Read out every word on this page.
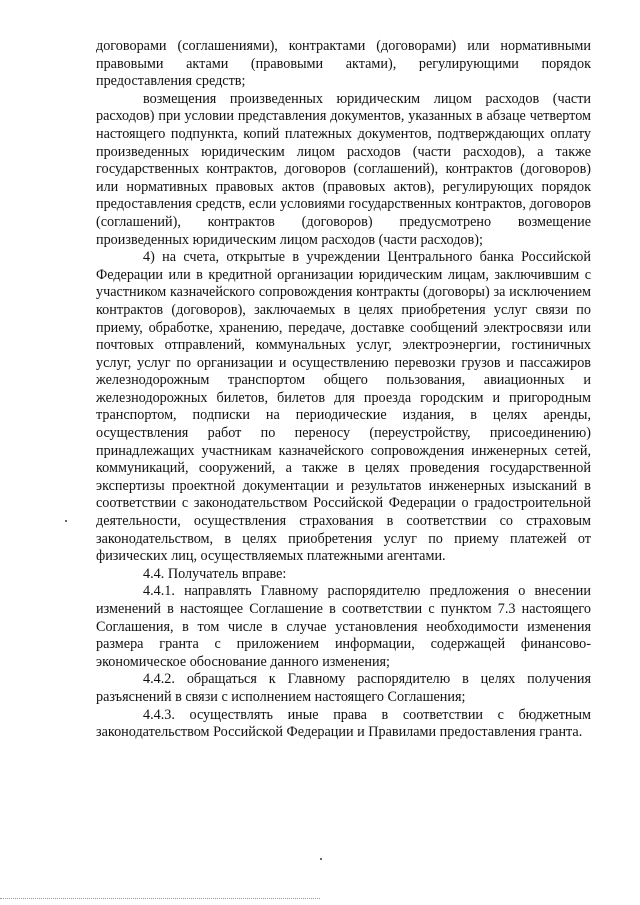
договорами (соглашениями), контрактами (договорами) или нормативными правовыми актами (правовыми актами), регулирующими порядок предоставления средств;

возмещения произведенных юридическим лицом расходов (части расходов) при условии представления документов, указанных в абзаце четвертом настоящего подпункта, копий платежных документов, подтверждающих оплату произведенных юридическим лицом расходов (части расходов), а также государственных контрактов, договоров (соглашений), контрактов (договоров) или нормативных правовых актов (правовых актов), регулирующих порядок предоставления средств, если условиями государственных контрактов, договоров (соглашений), контрактов (договоров) предусмотрено возмещение произведенных юридическим лицом расходов (части расходов);

4) на счета, открытые в учреждении Центрального банка Российской Федерации или в кредитной организации юридическим лицам, заключившим с участником казначейского сопровождения контракты (договоры) за исключением контрактов (договоров), заключаемых в целях приобретения услуг связи по приему, обработке, хранению, передаче, доставке сообщений электросвязи или почтовых отправлений, коммунальных услуг, электроэнергии, гостиничных услуг, услуг по организации и осуществлению перевозки грузов и пассажиров железнодорожным транспортом общего пользования, авиационных и железнодорожных билетов, билетов для проезда городским и пригородным транспортом, подписки на периодические издания, в целях аренды, осуществления работ по переносу (переустройству, присоединению) принадлежащих участникам казначейского сопровождения инженерных сетей, коммуникаций, сооружений, а также в целях проведения государственной экспертизы проектной документации и результатов инженерных изысканий в соответствии с законодательством Российской Федерации о градостроительной деятельности, осуществления страхования в соответствии со страховым законодательством, в целях приобретения услуг по приему платежей от физических лиц, осуществляемых платежными агентами.

4.4. Получатель вправе:

4.4.1. направлять Главному распорядителю предложения о внесении изменений в настоящее Соглашение в соответствии с пунктом 7.3 настоящего Соглашения, в том числе в случае установления необходимости изменения размера гранта с приложением информации, содержащей финансово-экономическое обоснование данного изменения;

4.4.2. обращаться к Главному распорядителю в целях получения разъяснений в связи с исполнением настоящего Соглашения;

4.4.3. осуществлять иные права в соответствии с бюджетным законодательством Российской Федерации и Правилами предоставления гранта.
